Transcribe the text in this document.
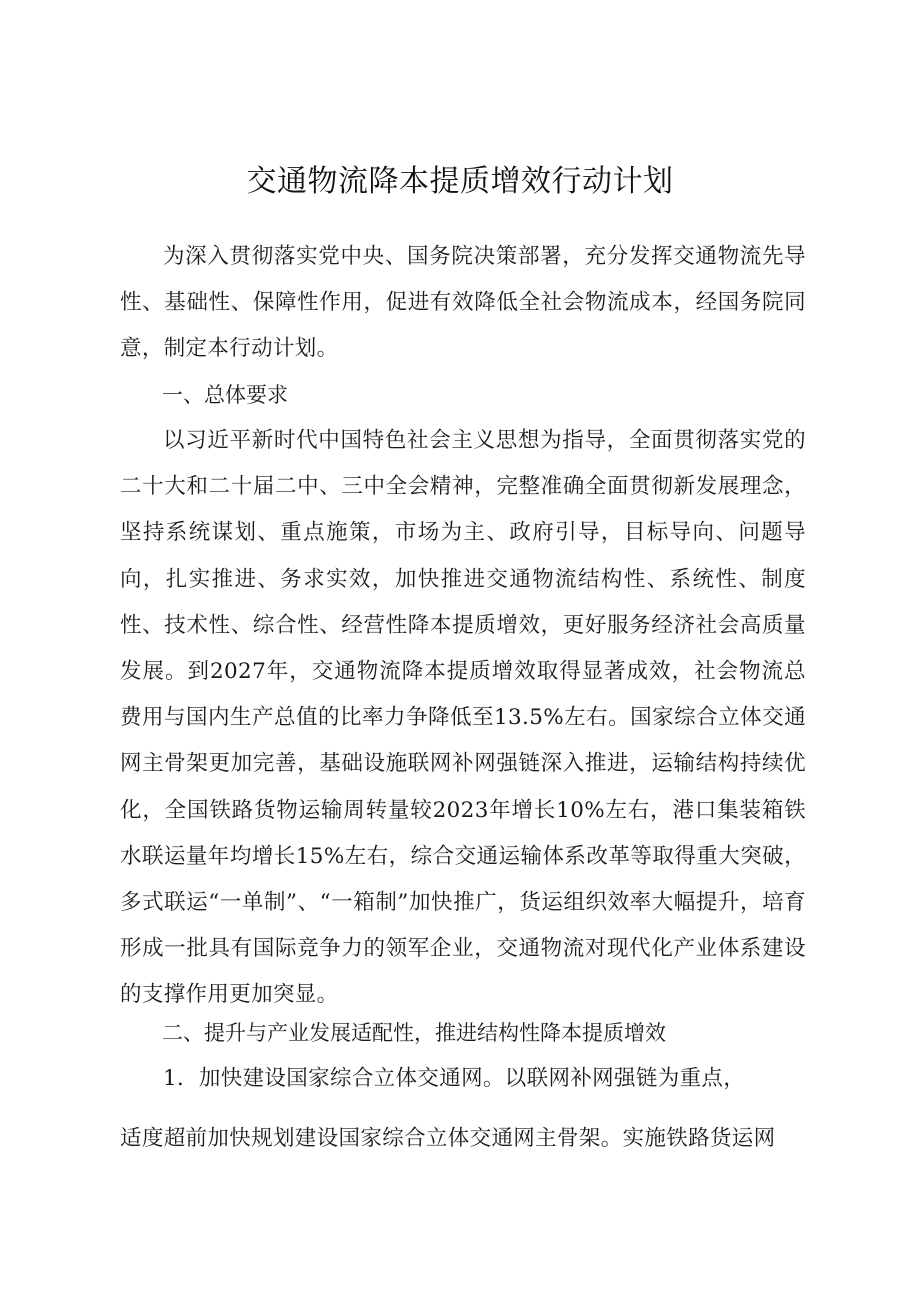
交通物流降本提质增效行动计划

为深入贯彻落实党中央、国务院决策部署，充分发挥交通物流先导性、基础性、保障性作用，促进有效降低全社会物流成本，经国务院同意，制定本行动计划。

一、总体要求

以习近平新时代中国特色社会主义思想为指导，全面贯彻落实党的二十大和二十届二中、三中全会精神，完整准确全面贯彻新发展理念，坚持系统谋划、重点施策，市场为主、政府引导，目标导向、问题导向，扎实推进、务求实效，加快推进交通物流结构性、系统性、制度性、技术性、综合性、经营性降本提质增效，更好服务经济社会高质量发展。到2027年，交通物流降本提质增效取得显著成效，社会物流总费用与国内生产总值的比率力争降低至13.5%左右。国家综合立体交通网主骨架更加完善，基础设施联网补网强链深入推进，运输结构持续优化，全国铁路货物运输周转量较2023年增长10%左右，港口集装箱铁水联运量年均增长15%左右，综合交通运输体系改革等取得重大突破，多式联运“一单制”、“一箱制”加快推广，货运组织效率大幅提升，培育形成一批具有国际竞争力的领军企业，交通物流对现代化产业体系建设的支撑作用更加突显。

二、提升与产业发展适配性，推进结构性降本提质增效

1．加快建设国家综合立体交通网。以联网补网强链为重点，

适度超前加快规划建设国家综合立体交通网主骨架。实施铁路货运网
